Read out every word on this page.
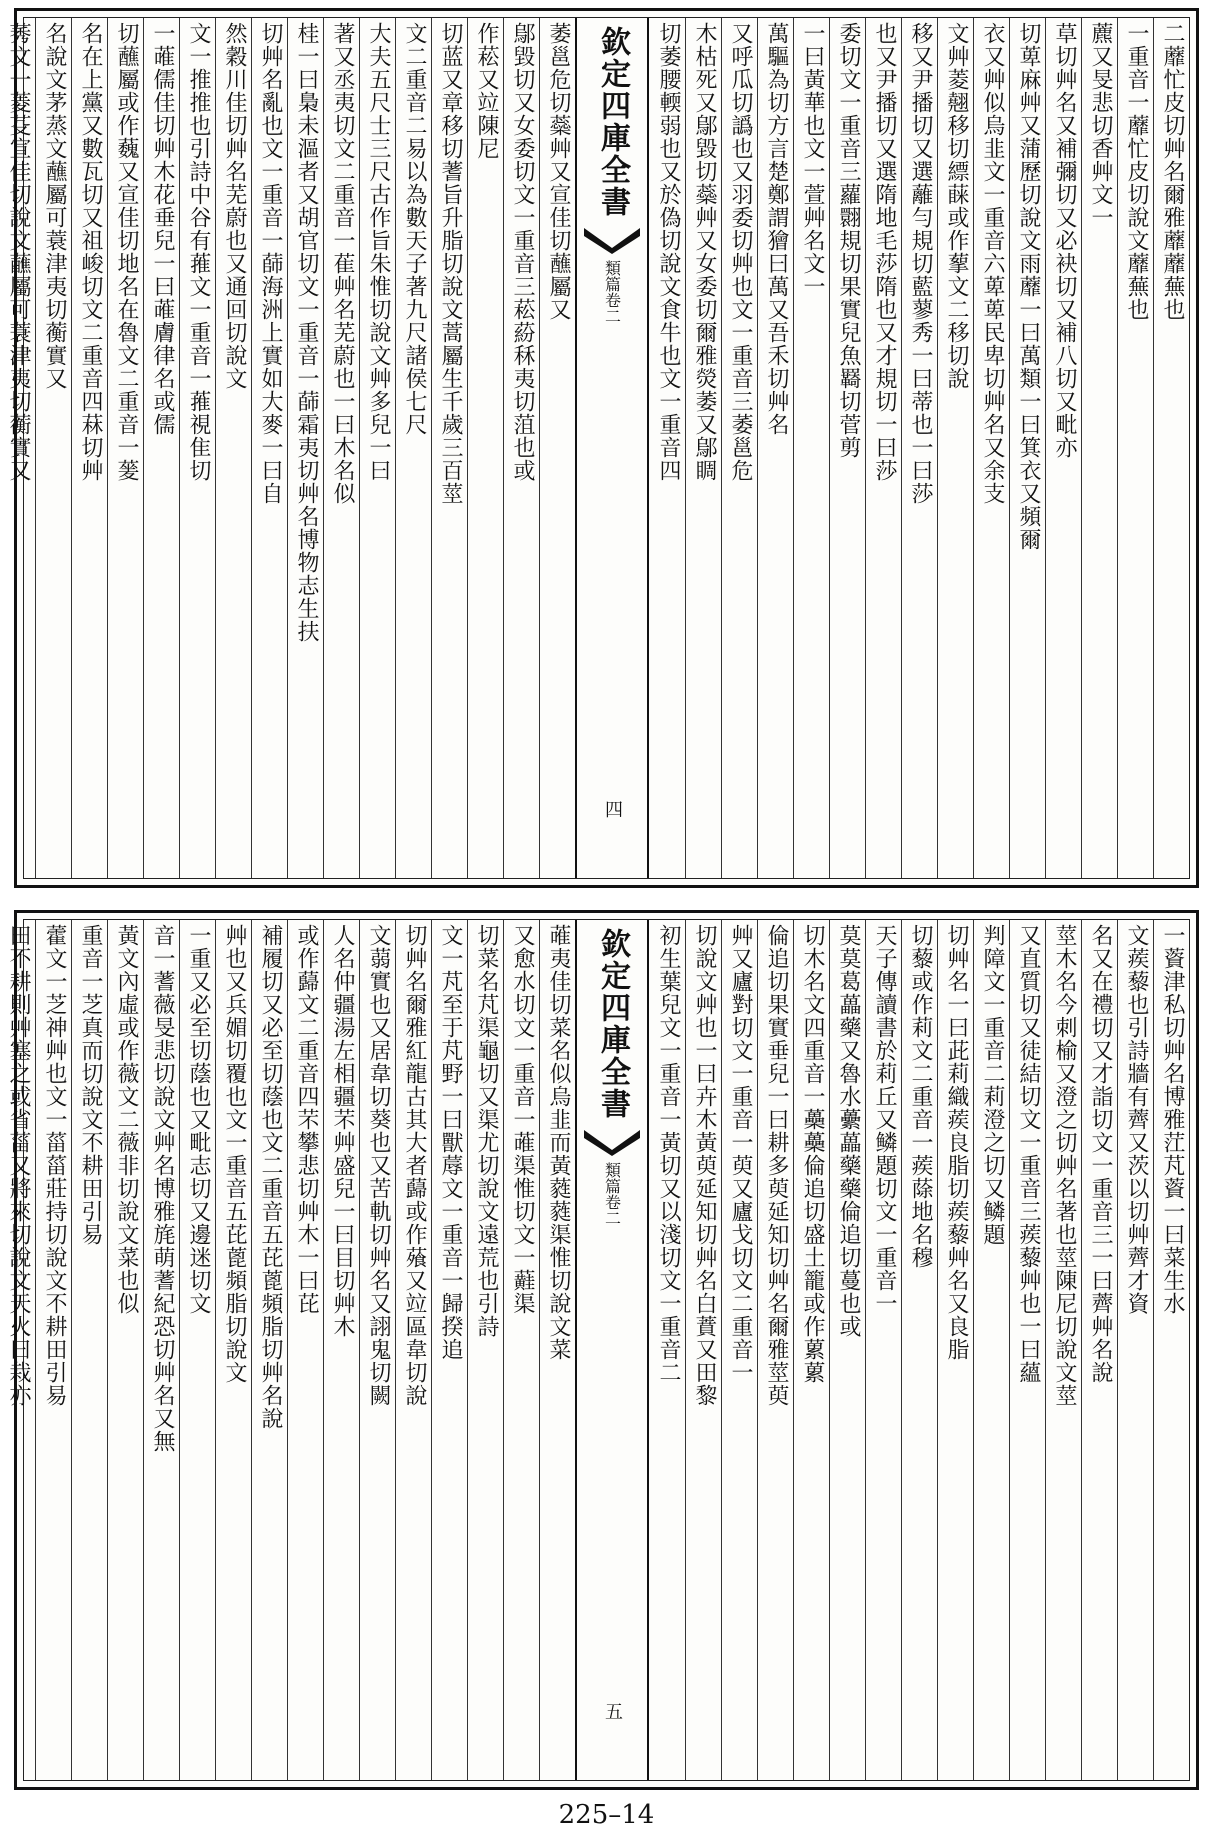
二蘼忙皮切艸名爾雅蘼蘼蕪也
一重音一蘼忙皮切說文蘼蕪也
藨又旻悲切香艸文一
草切艸名又補彌切又必袂切又補八切又毗亦
切萆麻艸又蒲歷切說文雨蘼一曰萬類一曰箕衣又頻爾
衣又艸似烏韭文一重音六萆萆民卑切艸名又余支
文艸菱翹移切縹蔝或作蒘文二移切說
移又尹播切又選蘺勻規切藍蓼秀一曰蒂也一曰莎
也又尹播切又選隋地毛莎隋也又才規切一曰莎
委切文一重音三蘿翾規切果實兒魚羇切菅剪
一曰黃華也文一萱艸名文一
萬驅為切方言楚鄭謂獪曰萬又吾禾切艸名
又呼瓜切譌也又羽委切艸也文一重音三萎邕危
木枯死又鄔毀切蘂艸又女委切爾雅熒萎又鄔睭
切萎腰輭弱也又於偽切說文食牛也文一重音四
欽定四庫全書
類篇
卷二
四
萎邕危切蘂艸又宣佳切蘸屬又
鄔毀切又女委切文一重音三菘蒶秝夷切菹也或
作菘又竝陳尼
切蓝又章移切蓍旨升脂切說文蒿屬生千歲三百莖
文二重音二易以為數天子著九尺諸侯七尺
大夫五尺士三尺古作旨朱惟切說文艸多兒一曰
著又丞夷切文二重音一萑艸名芜蔚也一曰木名似
桂一曰梟未漚者又胡官切文一重音一蒒霜夷切艸名博物志生扶
切艸名亂也文一重音一蒒海洲上實如大麥一曰自
然穀川佳切艸名芜蔚也又通回切說文
文一推推也引詩中谷有蓷文一重音一蓷視隹切
一蓶儒佳切艸木花垂兒一曰蓶膚律名或儒
切蘸屬或作蘶又宣佳切地名在魯文二重音一蓌
名在上黨又數瓦切又祖峻切文二重音四菻切艸
名說文茅蒸文蘸屬可蓑津夷切蘅實又
莠文一菱芟宣佳切說文蘸屬可蓑津夷切蘅實又
一薋津私切艸名博雅茳芃薋一曰菜生水
文蒺藜也引詩牆有薺又茨以切艸薺才資
名又在禮切又才詣切文一重音三一曰薺艸名說
莖木名今刺榆又澄之切艸名著也莖陳尼切說文莖
又直質切又徒結切文一重音三蒺藜艸也一曰蘊
判障文一重音二莉澄之切又鳞題
切艸名一曰茈莉織蒺良脂切蒺藜艸名又良脂
切藜或作莉文二重音一蒺蒢地名穆
天子傳讀書於莉丘又鳞題切文一重音一
莫莫葛藟藥又魯水虆藟藥藥倫追切蔓也或
切木名文四重音一蘽蘽倫追切盛土籠或作蔂蔂
倫追切果實垂兒一曰耕多萸延知切艸名爾雅莖萸
艸又廬對切文一重音一萸又廬戈切文二重音一
切說文艸也一曰卉木黃萸延知切艸名白蕡又田黎
初生葉兒文一重音一黃切又以淺切文一重音二
欽定四庫全書
類篇
卷二
五
蓶夷佳切菜名似烏韭而黃蕤蕤渠惟切說文菜
又愈水切文一重音一蓶渠惟切文一蘳渠
切菜名芃渠龜切又渠尤切說文遠荒也引詩
文一芃至于芃野一曰獸蓐文一重音一歸揆追
切艸名爾雅紅龍古其大者蘬或作蕵又竝區韋切說
文蒻實也又居韋切葵也又苦軌切艸名又詡鬼切闕
人名仲疆湯左相疆芣艸盛兒一曰目切艸木
或作蘬文二重音四芣攀悲切艸木一曰芘
補履切又必至切蔭也文二重音五芘蓖頻脂切艸名說
艸也又兵媚切覆也文一重音五芘蓖頻脂切說文
一重又必至切蔭也又毗志切又邊迷切文
音一蓍薇旻悲切說文艸名博雅旄萌蓍紀恐切艸名又無
黃文內虛或作薇文二薇非切說文菜也似
重音一芝真而切說文不耕田引易
藿文一芝神艸也文一菑菑莊持切說文不耕田引易
田不耕則艸塞之或省菑又將來切說文天火曰栽亦
225–14
